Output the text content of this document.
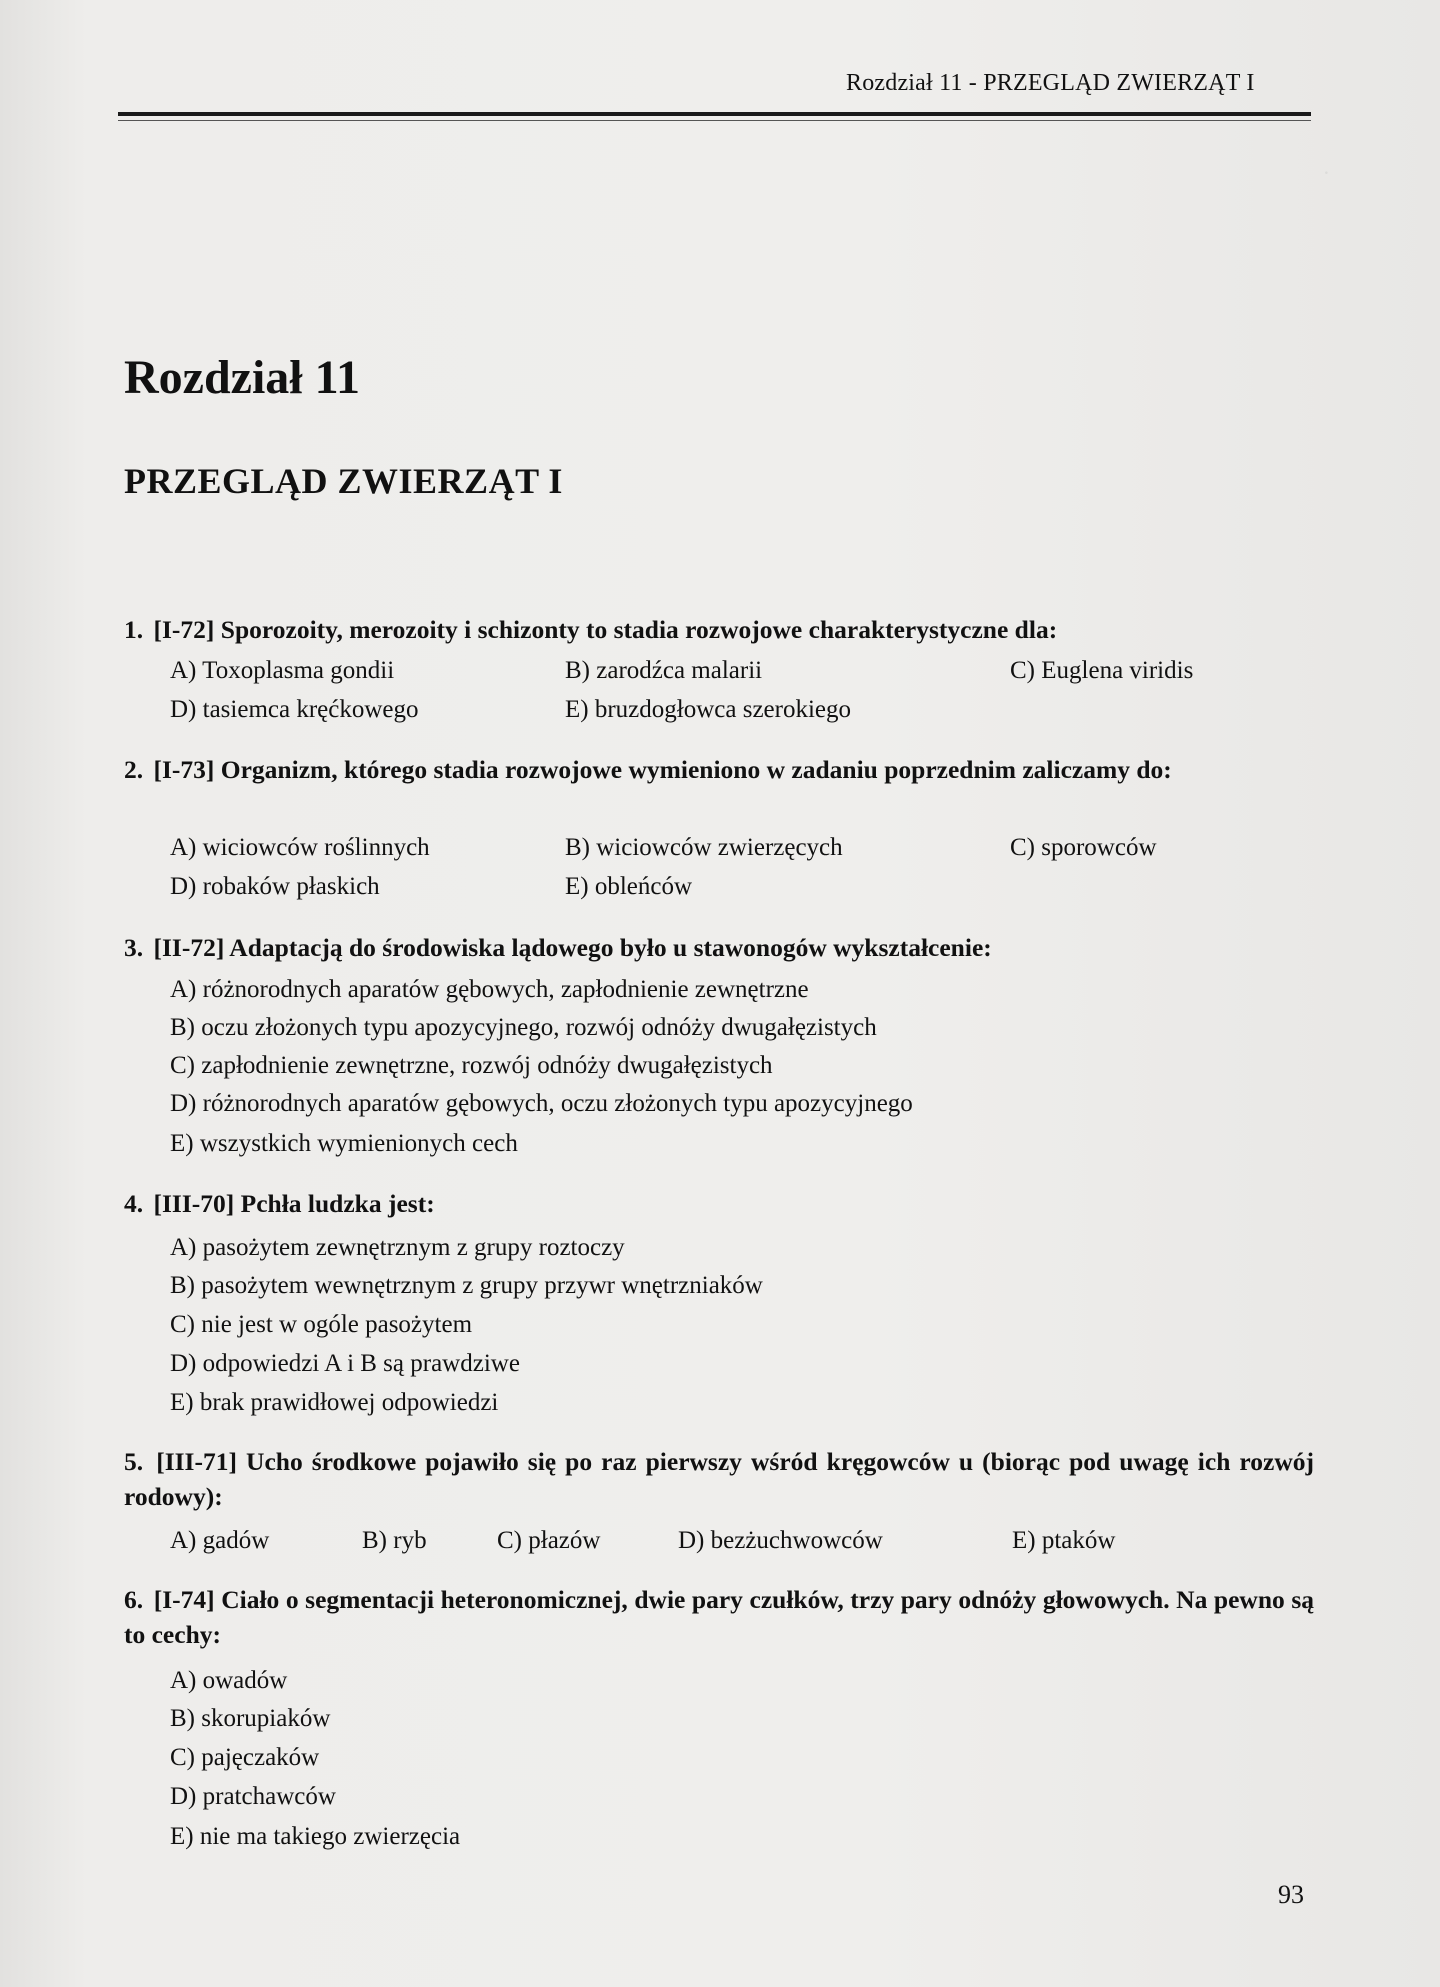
·
Rozdział 11 - PRZEGLĄD ZWIERZĄT I
Rozdział 11
PRZEGLĄD ZWIERZĄT I
1. [I-72] Sporozoity, merozoity i schizonty to stadia rozwojowe charakterystyczne dla:
A) Toxoplasma gondii	B) zarodźca malarii	C) Euglena viridis
D) tasiemca kręćkowego	E) bruzdogłowca szerokiego
2. [I-73] Organizm, którego stadia rozwojowe wymieniono w zadaniu poprzednim zaliczamy do:
A) wiciowców roślinnych	B) wiciowców zwierzęcych	C) sporowców
D) robaków płaskich	E) obleńców
3. [II-72] Adaptacją do środowiska lądowego było u stawonogów wykształcenie:
A) różnorodnych aparatów gębowych, zapłodnienie zewnętrzne
B) oczu złożonych typu apozycyjnego, rozwój odnóży dwugałęzistych
C) zapłodnienie zewnętrzne, rozwój odnóży dwugałęzistych
D) różnorodnych aparatów gębowych, oczu złożonych typu apozycyjnego
E) wszystkich wymienionych cech
4. [III-70] Pchła ludzka jest:
A) pasożytem zewnętrznym z grupy roztoczy
B) pasożytem wewnętrznym z grupy przywr wnętrzniaków
C) nie jest w ogóle pasożytem
D) odpowiedzi A i B są prawdziwe
E) brak prawidłowej odpowiedzi
5. [III-71] Ucho środkowe pojawiło się po raz pierwszy wśród kręgowców u (biorąc pod uwagę ich rozwój rodowy):
A) gadów	B) ryb	C) płazów	D) bezżuchwowców	E) ptaków
6. [I-74] Ciało o segmentacji heteronomicznej, dwie pary czułków, trzy pary odnóży głowowych. Na pewno są to cechy:
A) owadów
B) skorupiaków
C) pajęczaków
D) pratchawców
E) nie ma takiego zwierzęcia
93
